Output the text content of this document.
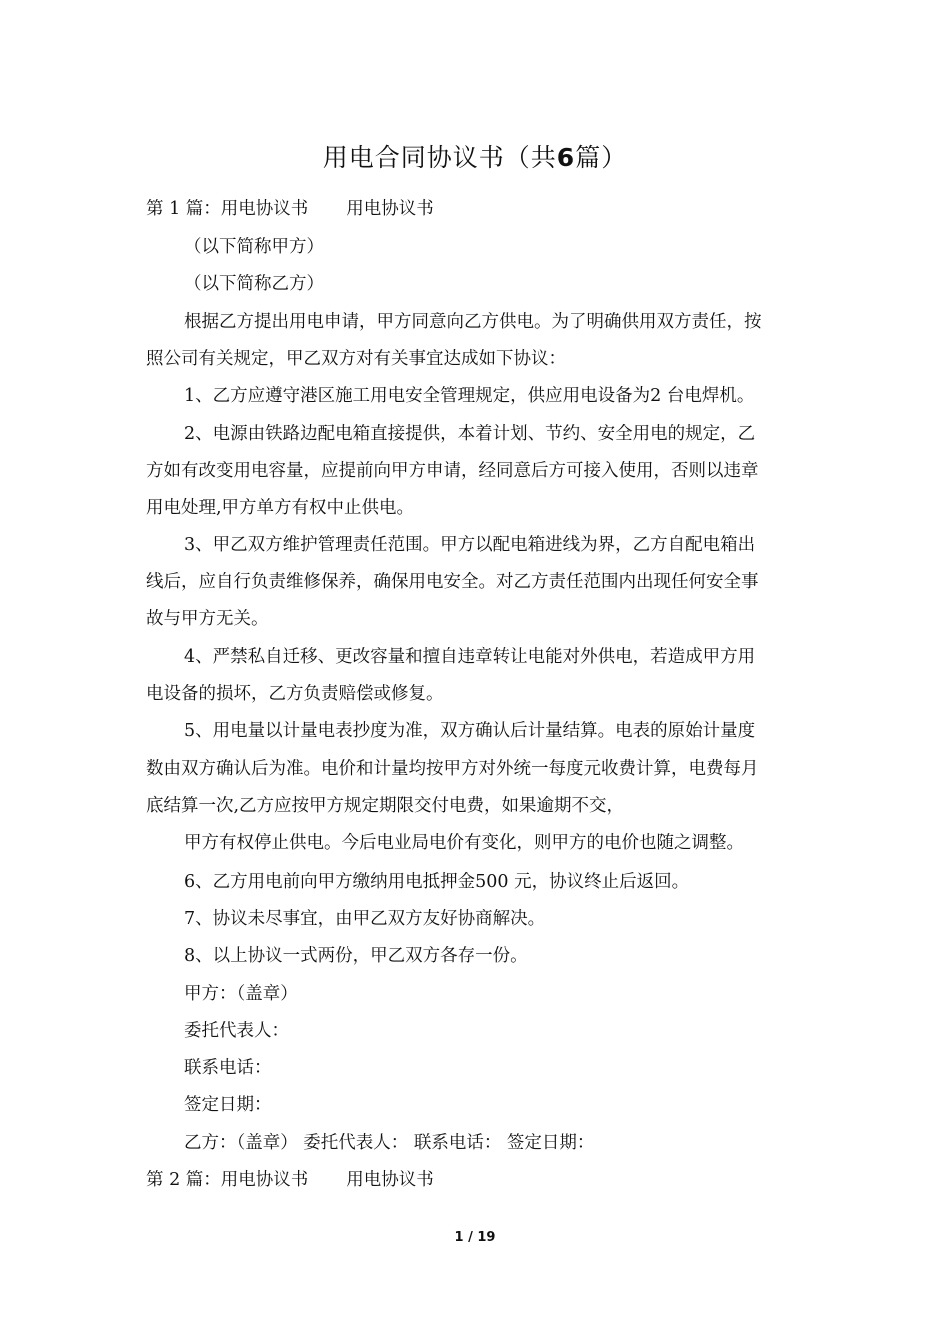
用电合同协议书（共6篇）
第 1 篇：用电协议书 用电协议书
（以下简称甲方）
（以下简称乙方）
根据乙方提出用电申请，甲方同意向乙方供电。为了明确供用双方责任，按
照公司有关规定，甲乙双方对有关事宜达成如下协议：
1、乙方应遵守港区施工用电安全管理规定，供应用电设备为2 台电焊机。
2、电源由铁路边配电箱直接提供，本着计划、节约、安全用电的规定，乙
方如有改变用电容量，应提前向甲方申请，经同意后方可接入使用，否则以违章
用电处理,甲方单方有权中止供电。
3、甲乙双方维护管理责任范围。甲方以配电箱进线为界，乙方自配电箱出
线后，应自行负责维修保养，确保用电安全。对乙方责任范围内出现任何安全事
故与甲方无关。
4、严禁私自迁移、更改容量和擅自违章转让电能对外供电，若造成甲方用
电设备的损坏，乙方负责赔偿或修复。
5、用电量以计量电表抄度为准，双方确认后计量结算。电表的原始计量度
数由双方确认后为准。电价和计量均按甲方对外统一每度元收费计算，电费每月
底结算一次,乙方应按甲方规定期限交付电费，如果逾期不交，
甲方有权停止供电。今后电业局电价有变化，则甲方的电价也随之调整。
6、乙方用电前向甲方缴纳用电抵押金500 元，协议终止后返回。
7、协议未尽事宜，由甲乙双方友好协商解决。
8、以上协议一式两份，甲乙双方各存一份。
甲方：（盖章）
委托代表人：
联系电话：
签定日期：
乙方：（盖章） 委托代表人： 联系电话： 签定日期：
第 2 篇：用电协议书 用电协议书
1 / 19
